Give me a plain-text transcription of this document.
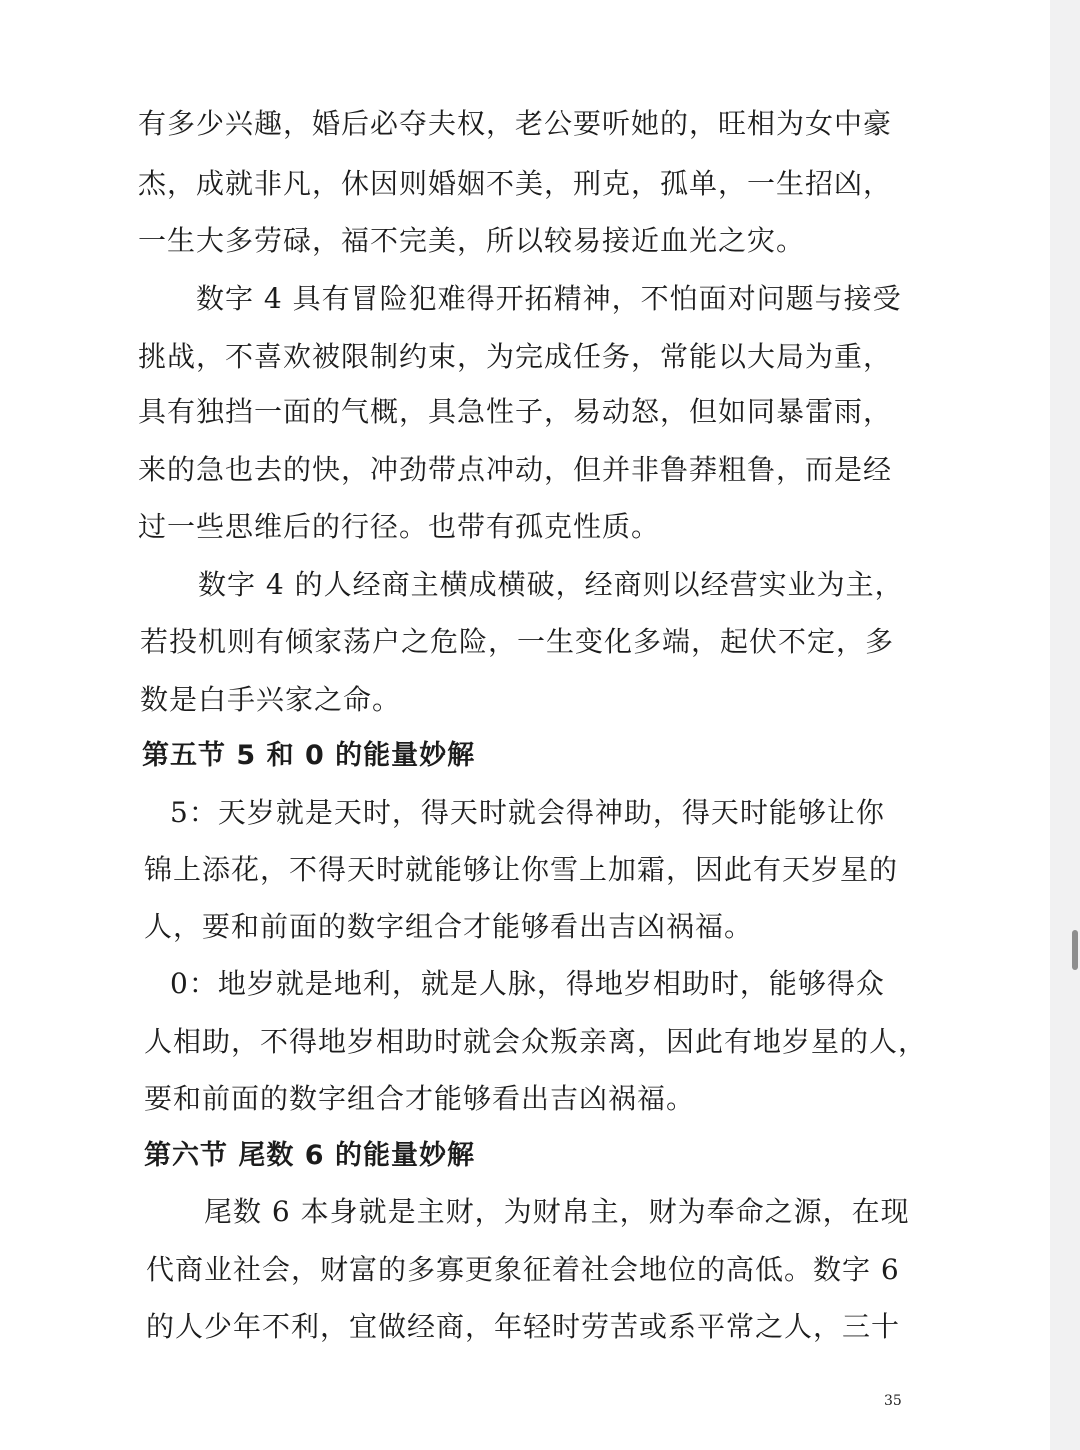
有多少兴趣，婚后必夺夫权，老公要听她的，旺相为女中豪
杰，成就非凡，休因则婚姻不美，刑克，孤单，一生招凶，
一生大多劳碌，福不完美，所以较易接近血光之灾。
数字 4 具有冒险犯难得开拓精神，不怕面对问题与接受
挑战，不喜欢被限制约束，为完成任务，常能以大局为重，
具有独挡一面的气概，具急性子，易动怒，但如同暴雷雨，
来的急也去的快，冲劲带点冲动，但并非鲁莽粗鲁，而是经
过一些思维后的行径。也带有孤克性质。
数字 4 的人经商主横成横破，经商则以经营实业为主，
若投机则有倾家荡户之危险，一生变化多端，起伏不定，多
数是白手兴家之命。
第五节 5 和 0 的能量妙解
5：天岁就是天时，得天时就会得神助，得天时能够让你
锦上添花，不得天时就能够让你雪上加霜，因此有天岁星的
人，要和前面的数字组合才能够看出吉凶祸福。
0：地岁就是地利，就是人脉，得地岁相助时，能够得众
人相助，不得地岁相助时就会众叛亲离，因此有地岁星的人，
要和前面的数字组合才能够看出吉凶祸福。
第六节 尾数 6 的能量妙解
尾数 6 本身就是主财，为财帛主，财为奉命之源，在现
代商业社会，财富的多寡更象征着社会地位的高低。数字 6
的人少年不利，宜做经商，年轻时劳苦或系平常之人，三十
35
